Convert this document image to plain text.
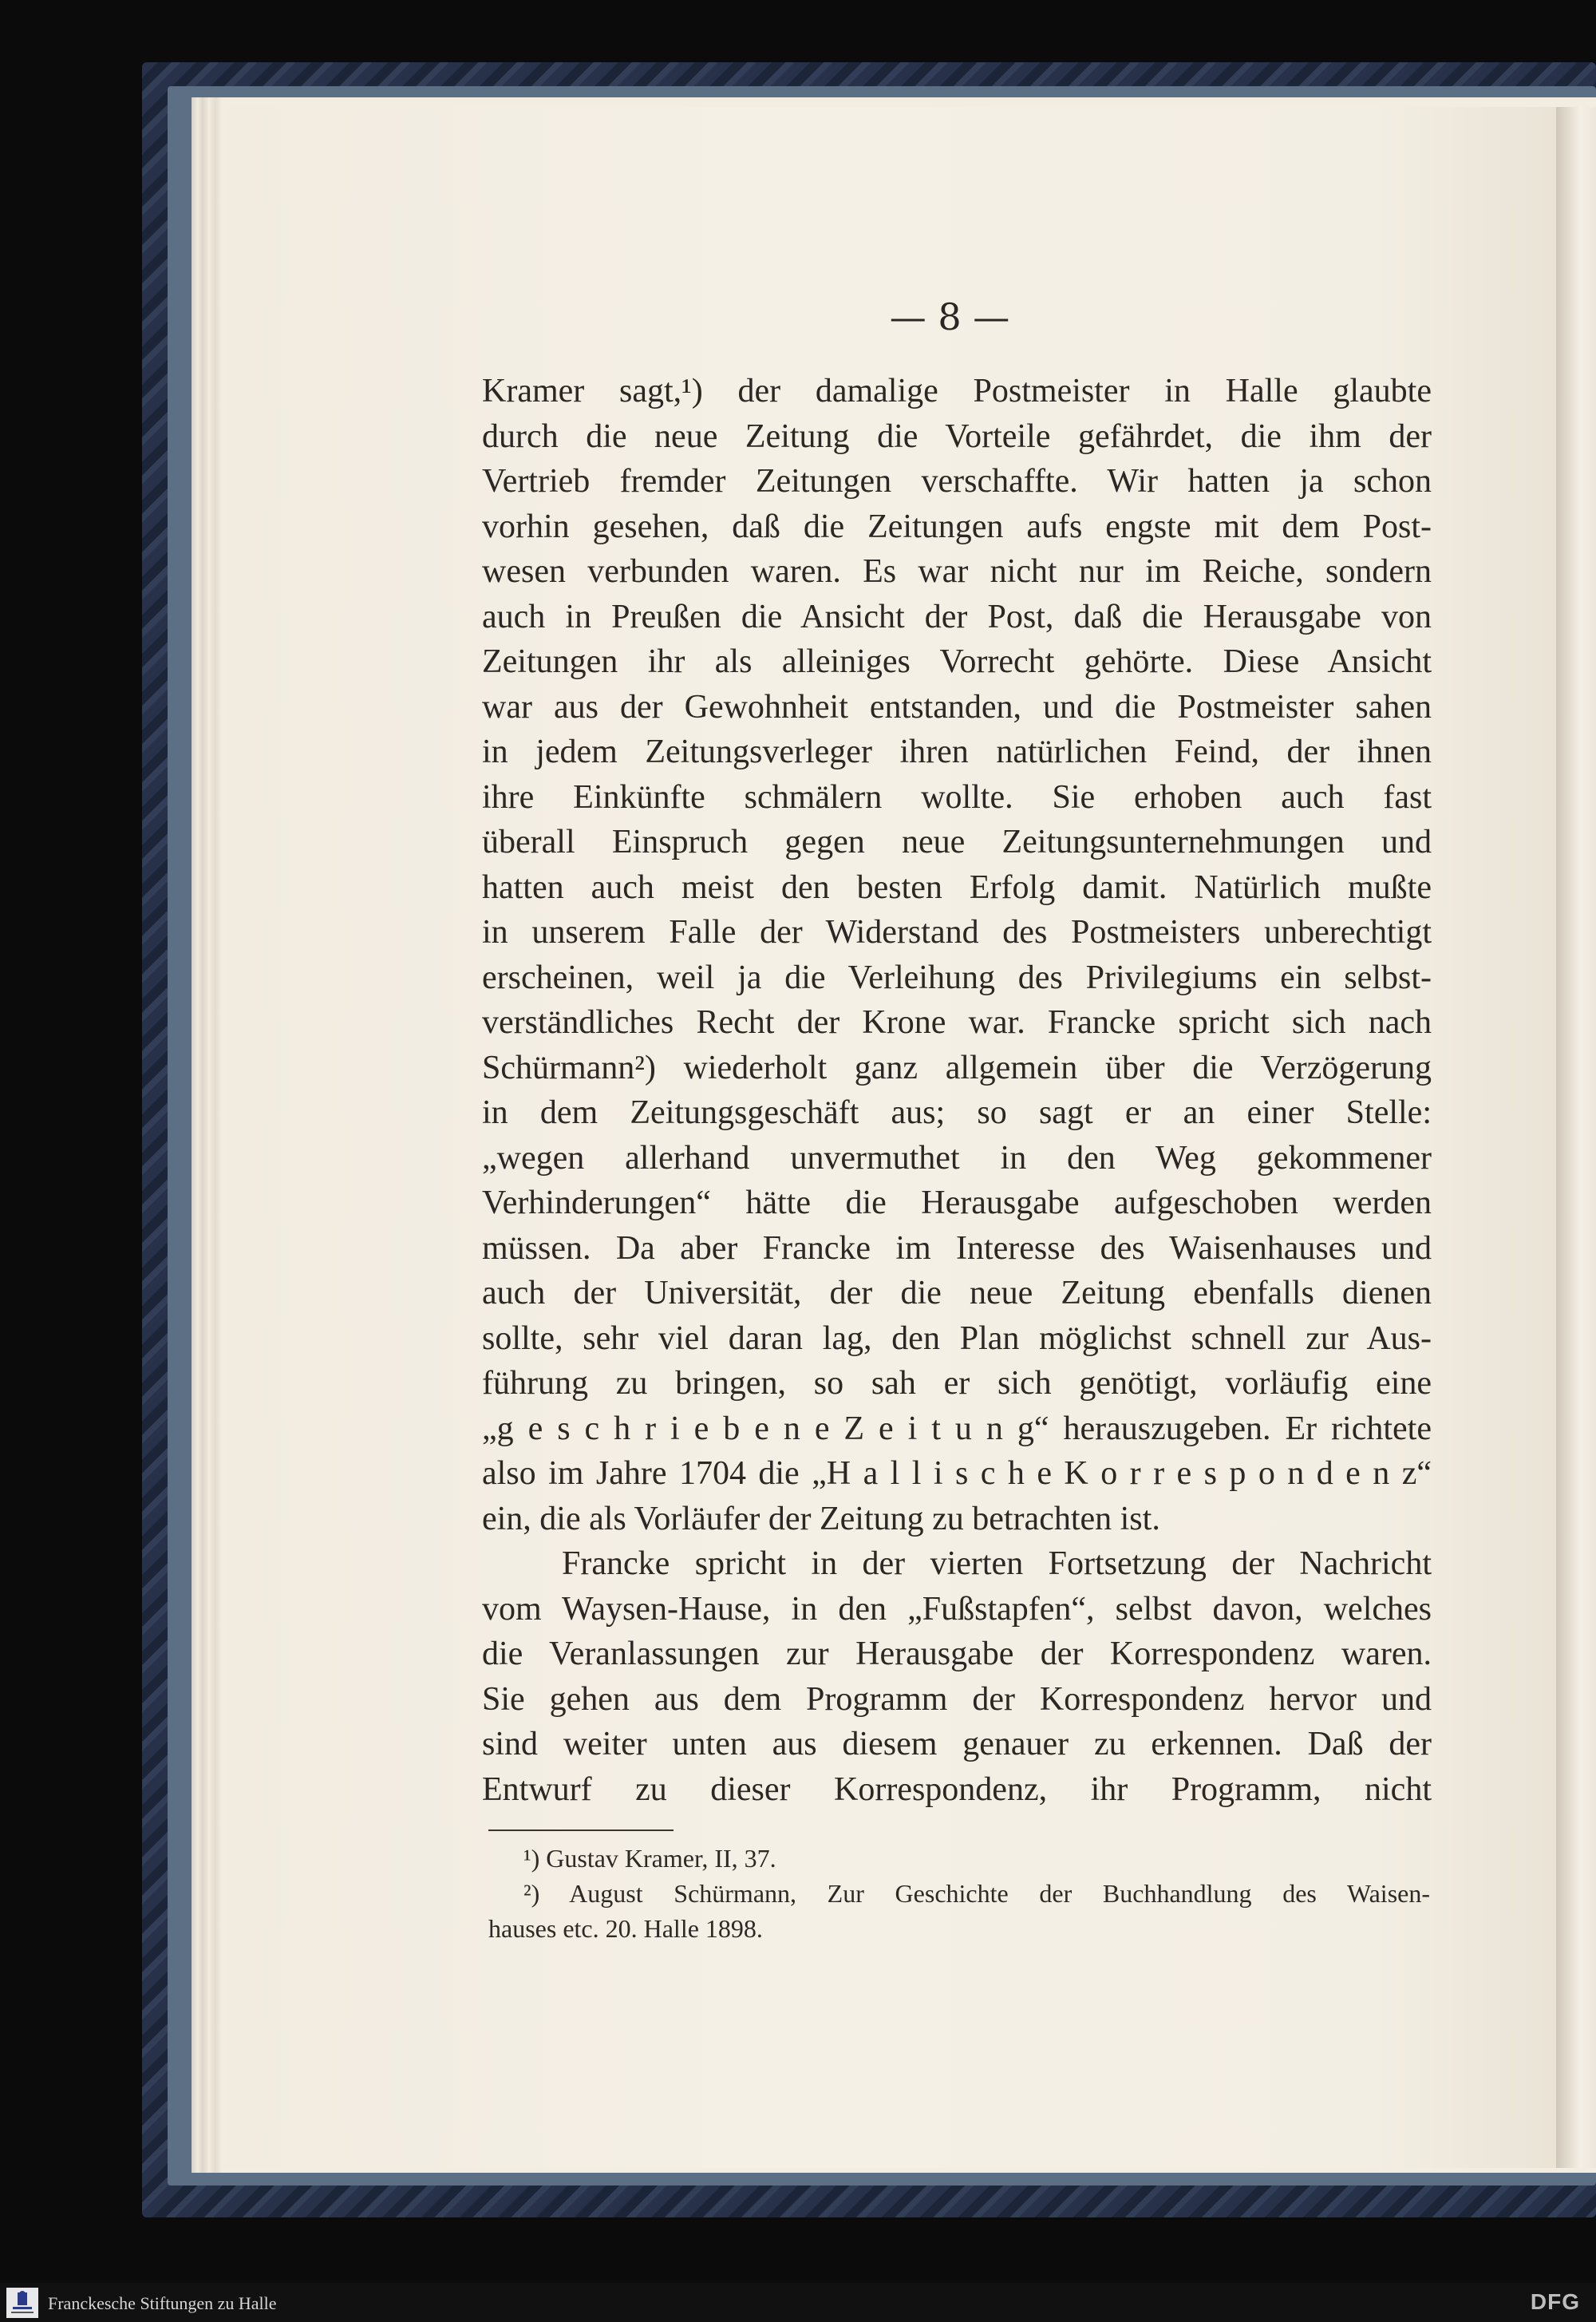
— 8 —
Kramer sagt,¹) der damalige Postmeister in Halle glaubte
durch die neue Zeitung die Vorteile gefährdet, die ihm der
Vertrieb fremder Zeitungen verschaffte. Wir hatten ja schon
vorhin gesehen, daß die Zeitungen aufs engste mit dem Post-
wesen verbunden waren. Es war nicht nur im Reiche, sondern
auch in Preußen die Ansicht der Post, daß die Herausgabe von
Zeitungen ihr als alleiniges Vorrecht gehörte. Diese Ansicht
war aus der Gewohnheit entstanden, und die Postmeister sahen
in jedem Zeitungsverleger ihren natürlichen Feind, der ihnen
ihre Einkünfte schmälern wollte. Sie erhoben auch fast
überall Einspruch gegen neue Zeitungsunternehmungen und
hatten auch meist den besten Erfolg damit. Natürlich mußte
in unserem Falle der Widerstand des Postmeisters unberechtigt
erscheinen, weil ja die Verleihung des Privilegiums ein selbst-
verständliches Recht der Krone war. Francke spricht sich nach
Schürmann²) wiederholt ganz allgemein über die Verzögerung
in dem Zeitungsgeschäft aus; so sagt er an einer Stelle:
„wegen allerhand unvermuthet in den Weg gekommener
Verhinderungen“ hätte die Herausgabe aufgeschoben werden
müssen. Da aber Francke im Interesse des Waisenhauses und
auch der Universität, der die neue Zeitung ebenfalls dienen
sollte, sehr viel daran lag, den Plan möglichst schnell zur Aus-
führung zu bringen, so sah er sich genötigt, vorläufig eine
„g e s c h r i e b e n e Z e i t u n g“ herauszugeben. Er richtete
also im Jahre 1704 die „H a l l i s c h e K o r r e s p o n d e n z“
ein, die als Vorläufer der Zeitung zu betrachten ist.
Francke spricht in der vierten Fortsetzung der Nachricht
vom Waysen-Hause, in den „Fußstapfen“, selbst davon, welches
die Veranlassungen zur Herausgabe der Korrespondenz waren.
Sie gehen aus dem Programm der Korrespondenz hervor und
sind weiter unten aus diesem genauer zu erkennen. Daß der
Entwurf zu dieser Korrespondenz, ihr Programm, nicht
¹) Gustav Kramer, II, 37.
²) August Schürmann, Zur Geschichte der Buchhandlung des Waisen-
hauses etc. 20. Halle 1898.
Franckesche Stiftungen zu Halle	DFG
